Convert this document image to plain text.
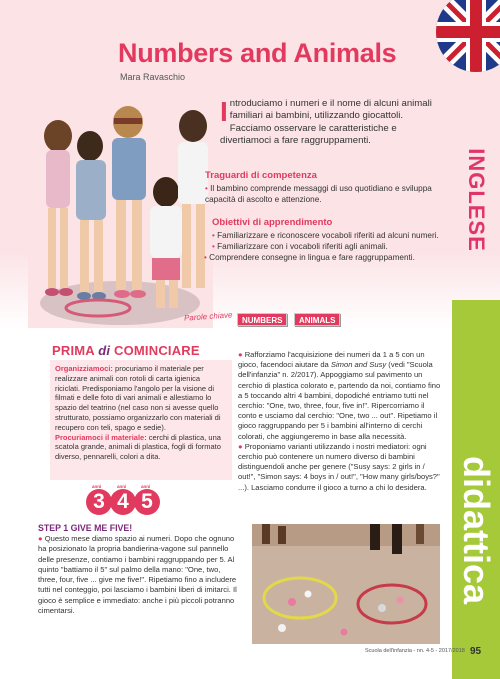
Numbers and Animals
Mara Ravaschio
Introduciamo i numeri e il nome di alcuni animali familiari ai bambini, utilizzando giocattoli. Facciamo osservare le caratteristiche e divertiamoci a fare raggruppamenti.
Traguardi di competenza
• Il bambino comprende messaggi di uso quotidiano e sviluppa capacità di ascolto e attenzione.
Obiettivi di apprendimento
• Familiarizzare e riconoscere vocaboli riferiti ad alcuni numeri.
• Familiarizzare con i vocaboli riferiti agli animali.
• Comprendere consegne in lingua e fare raggruppamenti.
Parole chiave	NUMBERS	ANIMALS
INGLESE
didattica
PRIMA di COMINCIARE
Organizziamoci: procuriamo il materiale per realizzare animali con rotoli di carta igienica riciclati. Predisponiamo l'angolo per la visione di filmati e delle foto di vari animali e allestiamo lo spazio del teatrino (nel caso non si avesse quello strutturato, possiamo organizzarlo con materiali di recupero con teli, spago e sedie).
Procuriamoci il materiale: cerchi di plastica, una scatola grande, animali di plastica, fogli di formato diverso, pennarelli, colori a dita.
anni	anni	anni
3 4 5
STEP 1 GIVE ME FIVE!
● Questo mese diamo spazio ai numeri. Dopo che ognuno ha posizionato la propria bandierina-vagone sul pannello delle presenze, contiamo i bambini raggruppando per 5. Al quinto "battiamo il 5" sul palmo della mano: "One, two, three, four, five ... give me five!". Ripetiamo fino a includere tutti nel conteggio, poi lasciamo i bambini liberi di imitarci. Il gioco è semplice e immediato: anche i più piccoli potranno cimentarsi.
● Rafforziamo l'acquisizione dei numeri da 1 a 5 con un gioco, facendoci aiutare da Simon and Susy (vedi "Scuola dell'infanzia" n. 2/2017). Appoggiamo sul pavimento un cerchio di plastica colorato e, partendo da noi, contiamo fino a 5 toccando altri 4 bambini, dopodiché entriamo tutti nel cerchio: "One, two, three, four, five in!". Ripercorriamo il conto e usciamo dal cerchio: "One, two ... out". Ripetiamo il gioco raggruppando per 5 i bambini all'interno di cerchi colorati, che aggiungeremo in base alla necessità.
● Proponiamo varianti utilizzando i nostri mediatori: ogni cerchio può contenere un numero diverso di bambini distinguendoli anche per genere ("Susy says: 2 girls in / out!", "Simon says: 4 boys in / out!", "How many girls/boys?" ...). Lasciamo condurre il gioco a turno a chi lo desidera.
Scuola dell'infanzia - nn. 4-5 - 2017/2018 95
